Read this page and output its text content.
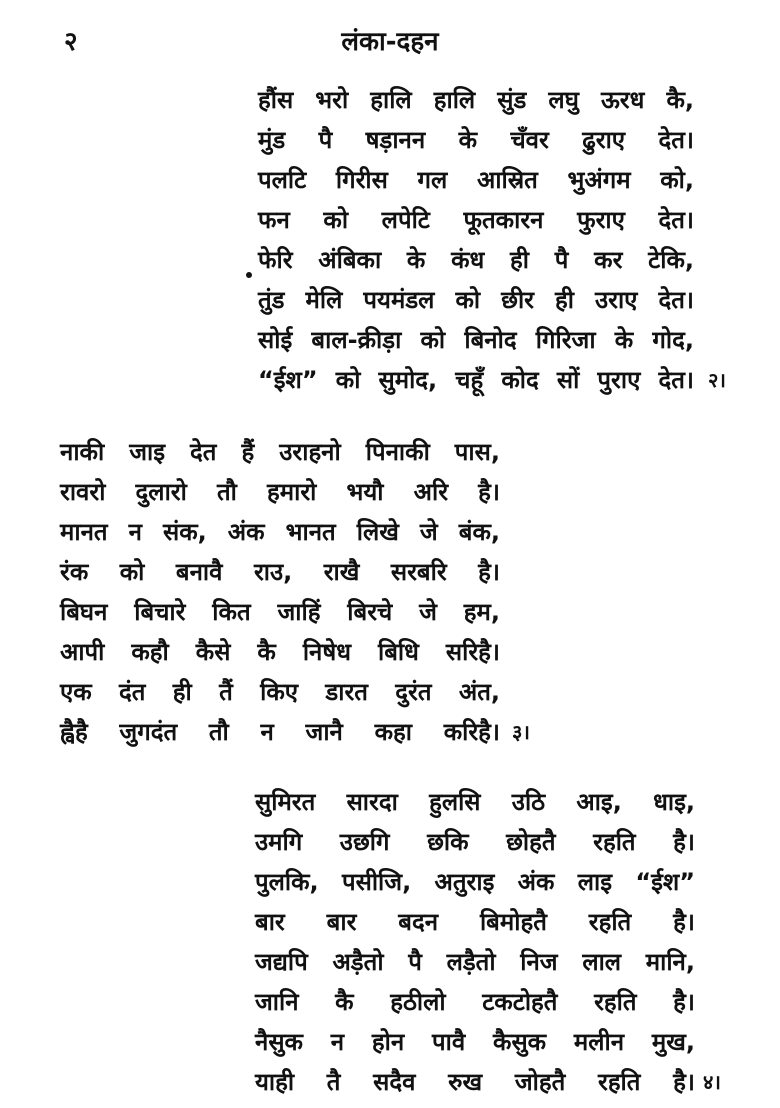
२	लंका-दहन
हौंस भरो हालि हालि सुंड लघु ऊरध कै,
मुंड पै षड़ानन के चँवर ढुराए देत।
पलटि गिरीस गल आस्रित भुअंगम को,
फन को लपेटि फूतकारन फुराए देत।
फेरि अंबिका के कंध ही पै कर टेकि,
तुंड मेलि पयमंडल को छीर ही उराए देत।
सोई बाल-क्रीड़ा को बिनोद गिरिजा के गोद,
“ईश” को सुमोद, चहूँ कोद सों पुराए देत। २।
नाकी जाइ देत हैं उराहनो पिनाकी पास,
रावरो दुलारो तौ हमारो भयौ अरि है।
मानत न संक, अंक भानत लिखे जे बंक,
रंक को बनावै राउ, राखै सरबरि है।
बिघन बिचारे कित जाहिं बिरचे जे हम,
आपी कहौ कैसे कै निषेध बिधि सरिहै।
एक दंत ही तैं किए डारत दुरंत अंत,
ह्वैहै जुगदंत तौ न जानै कहा करिहै। ३।
सुमिरत सारदा हुलसि उठि आइ, धाइ,
उमगि उछगि छकि छोहतै रहति है।
पुलकि, पसीजि, अतुराइ अंक लाइ “ईश”
बार बार बदन बिमोहतै रहति है।
जद्यपि अड़ैतो पै लड़ैतो निज लाल मानि,
जानि कै हठीलो टकटोहतै रहति है।
नैसुक न होन पावै कैसुक मलीन मुख,
याही तै सदैव रुख जोहतै रहति है। ४।
